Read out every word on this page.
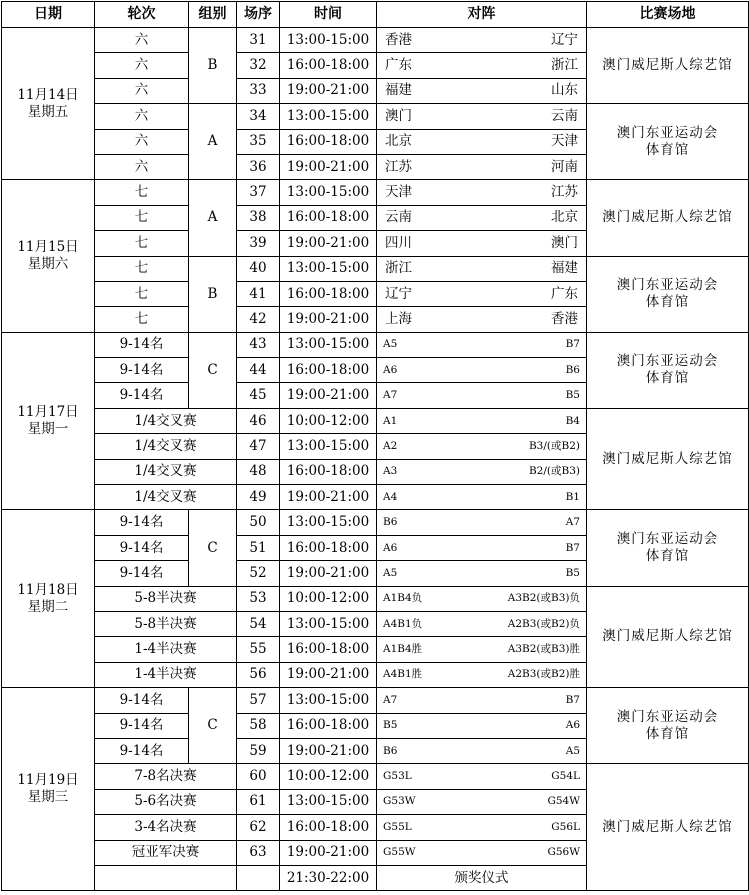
日期	轮次	组别	场序	时间	对阵	比赛场地
11月14日
星期五	六	B	31	13:00-15:00	香港 辽宁	澳门威尼斯人综艺馆
	六		32	16:00-18:00	广东 浙江	

	六		33	19:00-21:00	福建 山东	

	六	A	34	13:00-15:00	澳门 云南	澳门东亚运动会
体育馆
	六		35	16:00-18:00	北京 天津	

	六		36	19:00-21:00	江苏 河南	

11月15日
星期六	七	A	37	13:00-15:00	天津 江苏	澳门威尼斯人综艺馆
	七		38	16:00-18:00	云南 北京	

	七		39	19:00-21:00	四川 澳门	

	七	B	40	13:00-15:00	浙江 福建	澳门东亚运动会
体育馆
	七		41	16:00-18:00	辽宁 广东	

	七		42	19:00-21:00	上海 香港	

11月17日
星期一	9-14名	C	43	13:00-15:00	A5 B7	澳门东亚运动会
体育馆
	9-14名		44	16:00-18:00	A6 B6	

	9-14名		45	19:00-21:00	A7 B5	

	1/4交叉赛		46	10:00-12:00	A1 B4	澳门威尼斯人综艺馆
	1/4交叉赛		47	13:00-15:00	A2 B3/(或B2)	

	1/4交叉赛		48	16:00-18:00	A3 B2/(或B3)	

	1/4交叉赛		49	19:00-21:00	A4 B1	

11月18日
星期二	9-14名	C	50	13:00-15:00	B6 A7	澳门东亚运动会
体育馆
	9-14名		51	16:00-18:00	A6 B7	

	9-14名		52	19:00-21:00	A5 B5	

	5-8半决赛		53	10:00-12:00	A1B4负 A3B2(或B3)负	澳门威尼斯人综艺馆
	5-8半决赛		54	13:00-15:00	A4B1负 A2B3(或B2)负	

	1-4半决赛		55	16:00-18:00	A1B4胜 A3B2(或B3)胜	

	1-4半决赛		56	19:00-21:00	A4B1胜 A2B3(或B2)胜	

11月19日
星期三	9-14名	C	57	13:00-15:00	A7 B7	澳门东亚运动会
体育馆
	9-14名		58	16:00-18:00	B5 A6	

	9-14名		59	19:00-21:00	B6 A5	

	7-8名决赛		60	10:00-12:00	G53L G54L	澳门威尼斯人综艺馆
	5-6名决赛		61	13:00-15:00	G53W G54W	

	3-4名决赛		62	16:00-18:00	G55L G56L	

	冠亚军决赛		63	19:00-21:00	G55W G56W	

				21:30-22:00	颁奖仪式	
